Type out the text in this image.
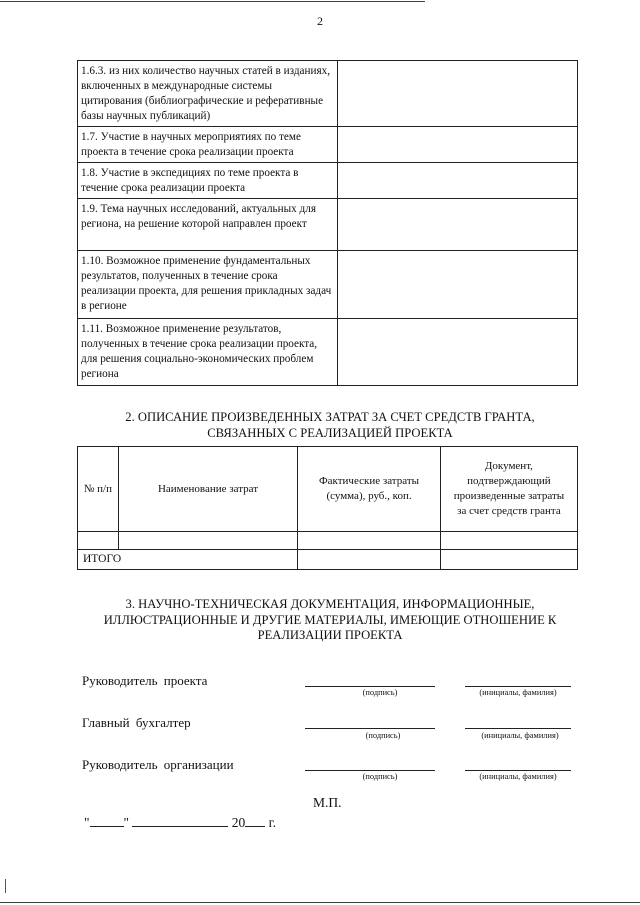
2
1.6.3. из них количество научных статей в изданиях, включенных в международные системы цитирования (библиографические и реферативные базы научных публикаций)	
1.7. Участие в научных мероприятиях по теме проекта в течение срока реализации проекта	
1.8. Участие в экспедициях по теме проекта в течение срока реализации проекта	
1.9. Тема научных исследований, актуальных для региона, на решение которой направлен проект	
1.10. Возможное применение фундаментальных результатов, полученных в течение срока реализации проекта, для решения прикладных задач в регионе	
1.11. Возможное применение результатов, полученных в течение срока реализации проекта, для решения социально-экономических проблем региона	
2. ОПИСАНИЕ ПРОИЗВЕДЕННЫХ ЗАТРАТ ЗА СЧЕТ СРЕДСТВ ГРАНТА,
СВЯЗАННЫХ С РЕАЛИЗАЦИЕЙ ПРОЕКТА
№ п/п	Наименование затрат	Фактические затраты (сумма), руб., коп.	Документ, подтверждающий произведенные затраты за счет средств гранта

ИТОГО			
3. НАУЧНО-ТЕХНИЧЕСКАЯ ДОКУМЕНТАЦИЯ, ИНФОРМАЦИОННЫЕ,
ИЛЛЮСТРАЦИОННЫЕ И ДРУГИЕ МАТЕРИАЛЫ, ИМЕЮЩИЕ ОТНОШЕНИЕ К
РЕАЛИЗАЦИИ ПРОЕКТА
Руководитель проекта
(подпись)	(инициалы, фамилия)
Главный бухгалтер
(подпись)	(инициалы, фамилия)
Руководитель организации
(подпись)	(инициалы, фамилия)
М.П.
"	"	20 г.
